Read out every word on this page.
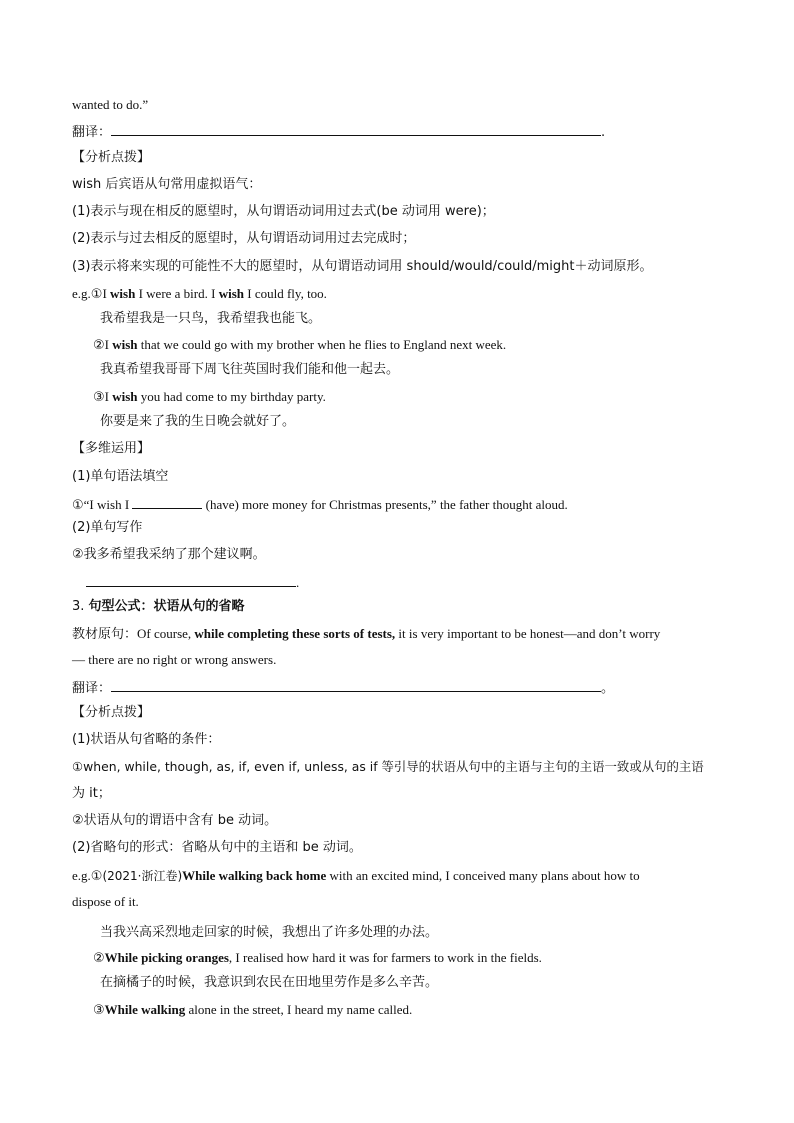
wanted to do.”
翻译：	.
【分析点拨】
wish 后宾语从句常用虚拟语气：
(1)表示与现在相反的愿望时，从句谓语动词用过去式(be 动词用 were)；
(2)表示与过去相反的愿望时，从句谓语动词用过去完成时；
(3)表示将来实现的可能性不大的愿望时，从句谓语动词用 should/would/could/might＋动词原形。
e.g.①I wish I were a bird. I wish I could fly, too.
我希望我是一只鸟，我希望我也能飞。
②I wish that we could go with my brother when he flies to England next week.
我真希望我哥哥下周飞往英国时我们能和他一起去。
③I wish you had come to my birthday party.
你要是来了我的生日晚会就好了。
【多维运用】
(1)单句语法填空
①“I wish I	(have) more money for Christmas presents,” the father thought aloud.
(2)单句写作
②我多希望我采纳了那个建议啊。
.
3. 句型公式：状语从句的省略
教材原句：Of course, while completing these sorts of tests, it is very important to be honest—and don’t worry
— there are no right or wrong answers.
翻译：	。
【分析点拨】
(1)状语从句省略的条件：
①when, while, though, as, if, even if, unless, as if 等引导的状语从句中的主语与主句的主语一致或从句的主语
为 it；
②状语从句的谓语中含有 be 动词。
(2)省略句的形式：省略从句中的主语和 be 动词。
e.g.①(2021·浙江卷)While walking back home with an excited mind, I conceived many plans about how to
dispose of it.
当我兴高采烈地走回家的时候，我想出了许多处理的办法。
②While picking oranges, I realised how hard it was for farmers to work in the fields.
在摘橘子的时候，我意识到农民在田地里劳作是多么辛苦。
③While walking alone in the street, I heard my name called.
